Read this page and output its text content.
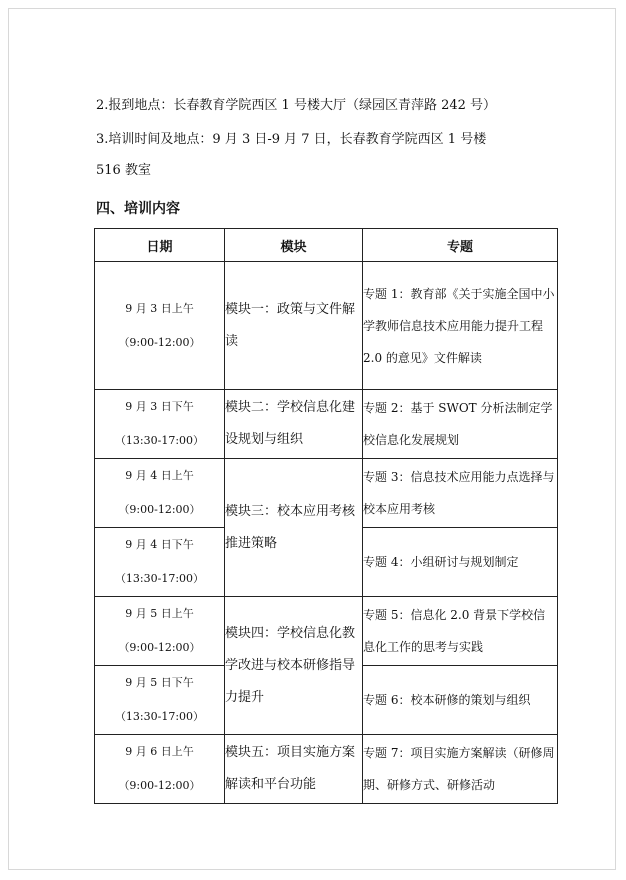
2.报到地点：长春教育学院西区 1 号楼大厅（绿园区青萍路 242 号）
3.培训时间及地点：9 月 3 日-9 月 7 日，长春教育学院西区 1 号楼
516 教室
四、培训内容
日期	模块	专题

9 月 3 日上午
（9:00-12:00）	模块一：政策与文件解读	专题 1：教育部《关于实施全国中小学教师信息技术应用能力提升工程 2.0 的意见》文件解读

9 月 3 日下午
（13:30-17:00）	模块二：学校信息化建设规划与组织	专题 2：基于 SWOT 分析法制定学校信息化发展规划

9 月 4 日上午
（9:00-12:00）	模块三：校本应用考核推进策略	专题 3：信息技术应用能力点选择与校本应用考核

9 月 4 日下午
（13:30-17:00）		专题 4：小组研讨与规划制定

9 月 5 日上午
（9:00-12:00）	模块四：学校信息化教学改进与校本研修指导力提升	专题 5：信息化 2.0 背景下学校信息化工作的思考与实践

9 月 5 日下午
（13:30-17:00）		专题 6：校本研修的策划与组织

9 月 6 日上午
（9:00-12:00）	模块五：项目实施方案解读和平台功能	专题 7：项目实施方案解读（研修周期、研修方式、研修活动
